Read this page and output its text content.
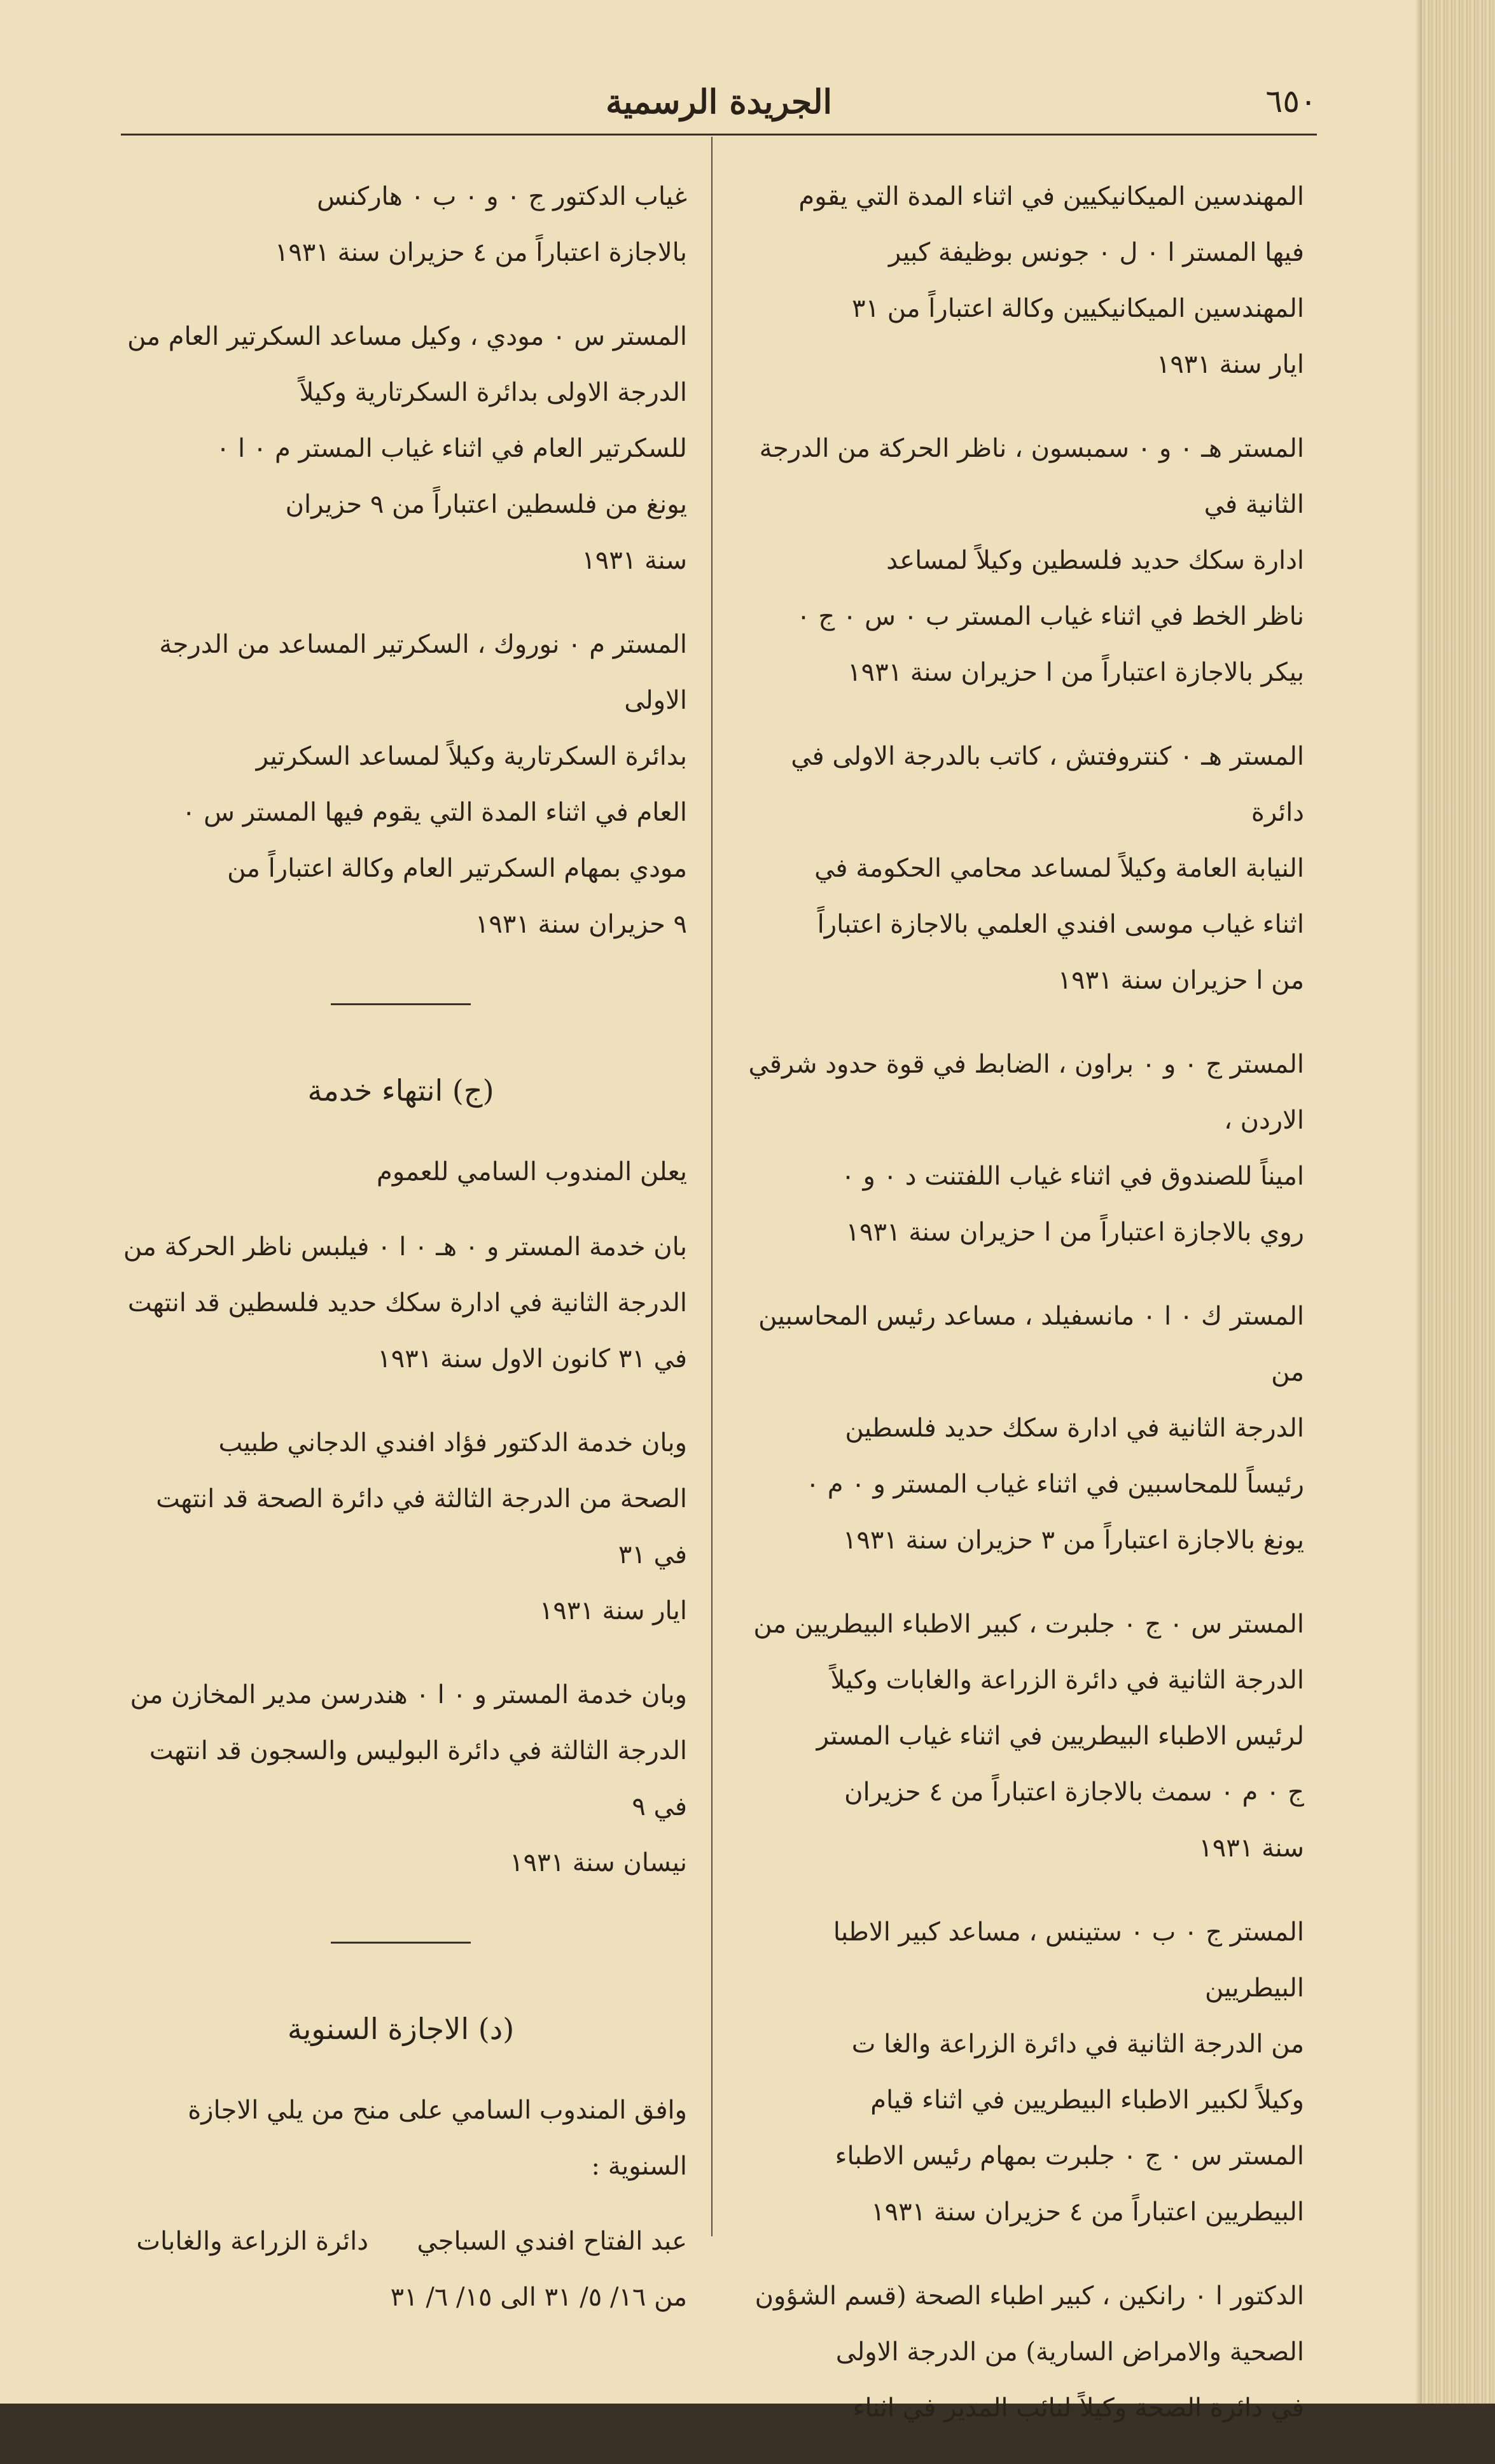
٦٥٠
الجريدة الرسمية

المهندسين الميكانيكيين في اثناء المدة التي يقوم
فيها المستر ا ٠ ل ٠ جونس بوظيفة كبير
المهندسين الميكانيكيين وكالة اعتباراً من ٣١
ايار سنة ١٩٣١

المستر هـ ٠ و ٠ سمبسون ، ناظر الحركة من الدرجة الثانية في
ادارة سكك حديد فلسطين وكيلاً لمساعد
ناظر الخط في اثناء غياب المستر ب ٠ س ٠ ج ٠
بيكر بالاجازة اعتباراً من ا حزيران سنة ١٩٣١

المستر هـ ٠ كنتروفتش ، كاتب بالدرجة الاولى في دائرة
النيابة العامة وكيلاً لمساعد محامي الحكومة في
اثناء غياب موسى افندي العلمي بالاجازة اعتباراً
من ا حزيران سنة ١٩٣١

المستر ج ٠ و ٠ براون ، الضابط في قوة حدود شرقي الاردن ،
اميناً للصندوق في اثناء غياب اللفتنت د ٠ و ٠
روي بالاجازة اعتباراً من ا حزيران سنة ١٩٣١

المستر ك ٠ ا ٠ مانسفيلد ، مساعد رئيس المحاسبين من
الدرجة الثانية في ادارة سكك حديد فلسطين
رئيساً للمحاسبين في اثناء غياب المستر و ٠ م ٠
يونغ بالاجازة اعتباراً من ٣ حزيران سنة ١٩٣١

المستر س ٠ ج ٠ جلبرت ، كبير الاطباء البيطريين من
الدرجة الثانية في دائرة الزراعة والغابات وكيلاً
لرئيس الاطباء البيطريين في اثناء غياب المستر
ج ٠ م ٠ سمث بالاجازة اعتباراً من ٤ حزيران
سنة ١٩٣١

المستر ج ٠ ب ٠ ستينس ، مساعد كبير الاطبا البيطريين
من الدرجة الثانية في دائرة الزراعة والغا ت
وكيلاً لكبير الاطباء البيطريين في اثناء قيام
المستر س ٠ ج ٠ جلبرت بمهام رئيس الاطباء
البيطريين اعتباراً من ٤ حزيران سنة ١٩٣١

الدكتور ا ٠ رانكين ، كبير اطباء الصحة (قسم الشؤون
الصحية والامراض السارية) من الدرجة الاولى
في دائرة الصحة وكيلاً لنائب المدير في اثناء

غياب الدكتور ج ٠ و ٠ ب ٠ هاركنس
بالاجازة اعتباراً من ٤ حزيران سنة ١٩٣١

المستر س ٠ مودي ، وكيل مساعد السكرتير العام من
الدرجة الاولى بدائرة السكرتارية وكيلاً
للسكرتير العام في اثناء غياب المستر م ٠ ا ٠
يونغ من فلسطين اعتباراً من ٩ حزيران
سنة ١٩٣١

المستر م ٠ نوروك ، السكرتير المساعد من الدرجة الاولى
بدائرة السكرتارية وكيلاً لمساعد السكرتير
العام في اثناء المدة التي يقوم فيها المستر س ٠
مودي بمهام السكرتير العام وكالة اعتباراً من
٩ حزيران سنة ١٩٣١

(ج) انتهاء خدمة

يعلن المندوب السامي للعموم

بان خدمة المستر و ٠ هـ ٠ ا ٠ فيلبس ناظر الحركة من
الدرجة الثانية في ادارة سكك حديد فلسطين قد انتهت
في ٣١ كانون الاول سنة ١٩٣١

وبان خدمة الدكتور فؤاد افندي الدجاني طبيب
الصحة من الدرجة الثالثة في دائرة الصحة قد انتهت في ٣١
ايار سنة ١٩٣١

وبان خدمة المستر و ٠ ا ٠ هندرسن مدير المخازن من
الدرجة الثالثة في دائرة البوليس والسجون قد انتهت في ٩
نيسان سنة ١٩٣١

(د) الاجازة السنوية

وافق المندوب السامي على منح من يلي الاجازة السنوية :

عبد الفتاح افندي السباجي      دائرة الزراعة والغابات

من ١٦/ ٥/ ٣١ الى ١٥/ ٦/ ٣١
